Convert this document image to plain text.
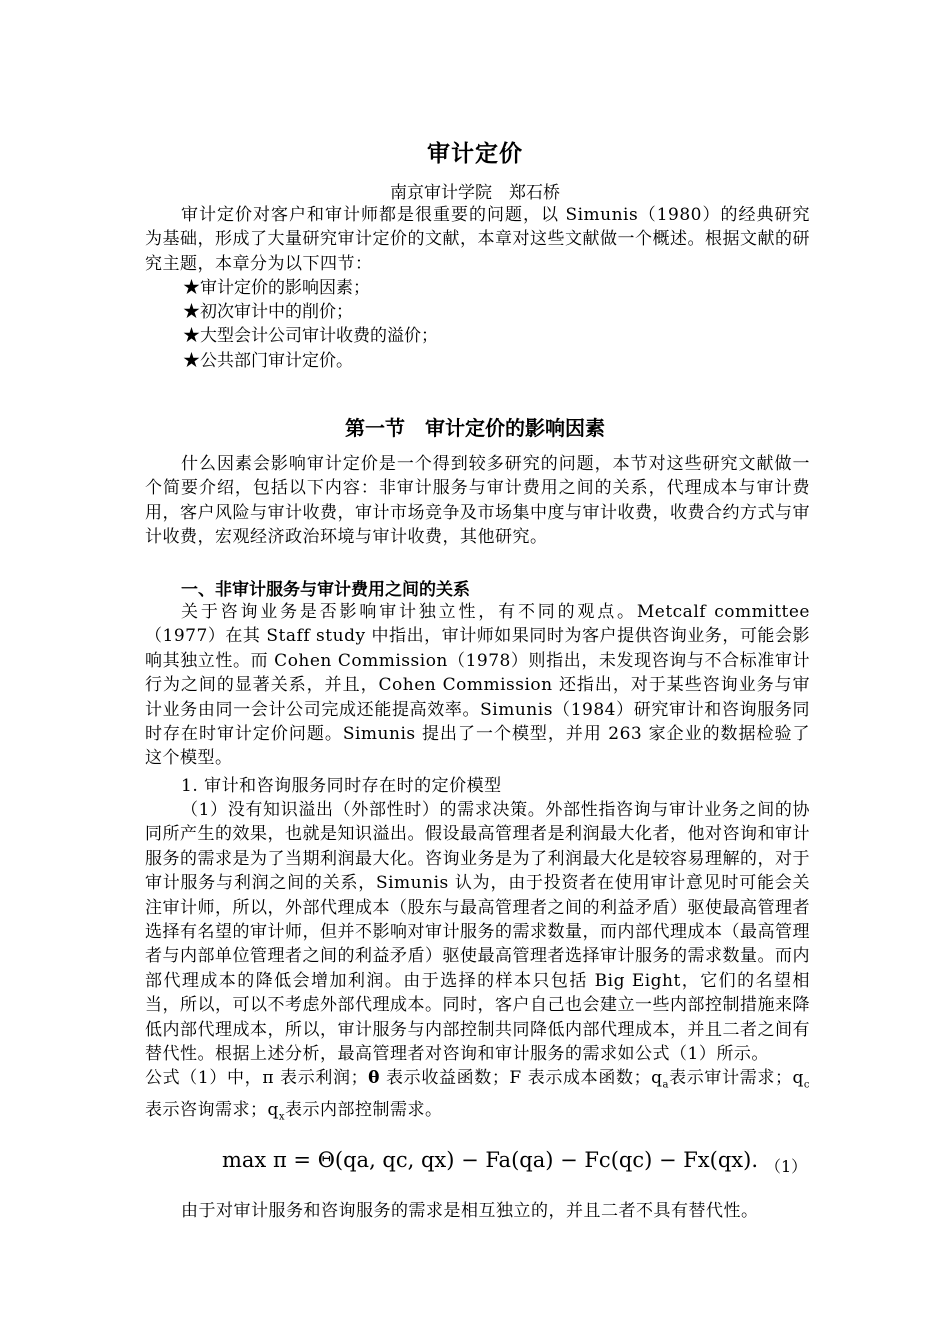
审计定价
南京审计学院　郑石桥

审计定价对客户和审计师都是很重要的问题，以 Simunis（1980）的经典研究为基础，形成了大量研究审计定价的文献，本章对这些文献做一个概述。根据文献的研究主题，本章分为以下四节：

★审计定价的影响因素；
★初次审计中的削价；
★大型会计公司审计收费的溢价；
★公共部门审计定价。
第一节　审计定价的影响因素

什么因素会影响审计定价是一个得到较多研究的问题，本节对这些研究文献做一个简要介绍，包括以下内容：非审计服务与审计费用之间的关系，代理成本与审计费用，客户风险与审计收费，审计市场竞争及市场集中度与审计收费，收费合约方式与审计收费，宏观经济政治环境与审计收费，其他研究。

一、非审计服务与审计费用之间的关系

关于咨询业务是否影响审计独立性，有不同的观点。Metcalf committee（1977）在其 Staff study 中指出，审计师如果同时为客户提供咨询业务，可能会影响其独立性。而 Cohen Commission（1978）则指出，未发现咨询与不合标准审计行为之间的显著关系，并且，Cohen Commission 还指出，对于某些咨询业务与审计业务由同一会计公司完成还能提高效率。Simunis（1984）研究审计和咨询服务同时存在时审计定价问题。Simunis 提出了一个模型，并用 263 家企业的数据检验了这个模型。

1. 审计和咨询服务同时存在时的定价模型

（1）没有知识溢出（外部性时）的需求决策。外部性指咨询与审计业务之间的协同所产生的效果，也就是知识溢出。假设最高管理者是利润最大化者，他对咨询和审计服务的需求是为了当期利润最大化。咨询业务是为了利润最大化是较容易理解的，对于审计服务与利润之间的关系，Simunis 认为，由于投资者在使用审计意见时可能会关注审计师，所以，外部代理成本（股东与最高管理者之间的利益矛盾）驱使最高管理者选择有名望的审计师，但并不影响对审计服务的需求数量，而内部代理成本（最高管理者与内部单位管理者之间的利益矛盾）驱使最高管理者选择审计服务的需求数量。而内部代理成本的降低会增加利润。由于选择的样本只包括 Big Eight，它们的名望相当，所以，可以不考虑外部代理成本。同时，客户自己也会建立一些内部控制措施来降低内部代理成本，所以，审计服务与内部控制共同降低内部代理成本，并且二者之间有替代性。根据上述分析，最高管理者对咨询和审计服务的需求如公式（1）所示。

公式（1）中，π 表示利润；θ 表示收益函数；F 表示成本函数；$q_a$表示审计需求；$q_c$表示咨询需求；$q_x$表示内部控制需求。

max π = Θ(qa, qc, qx) − Fa(qa) − Fc(qc) − Fx(qx). （1）
由于对审计服务和咨询服务的需求是相互独立的，并且二者不具有替代性。
